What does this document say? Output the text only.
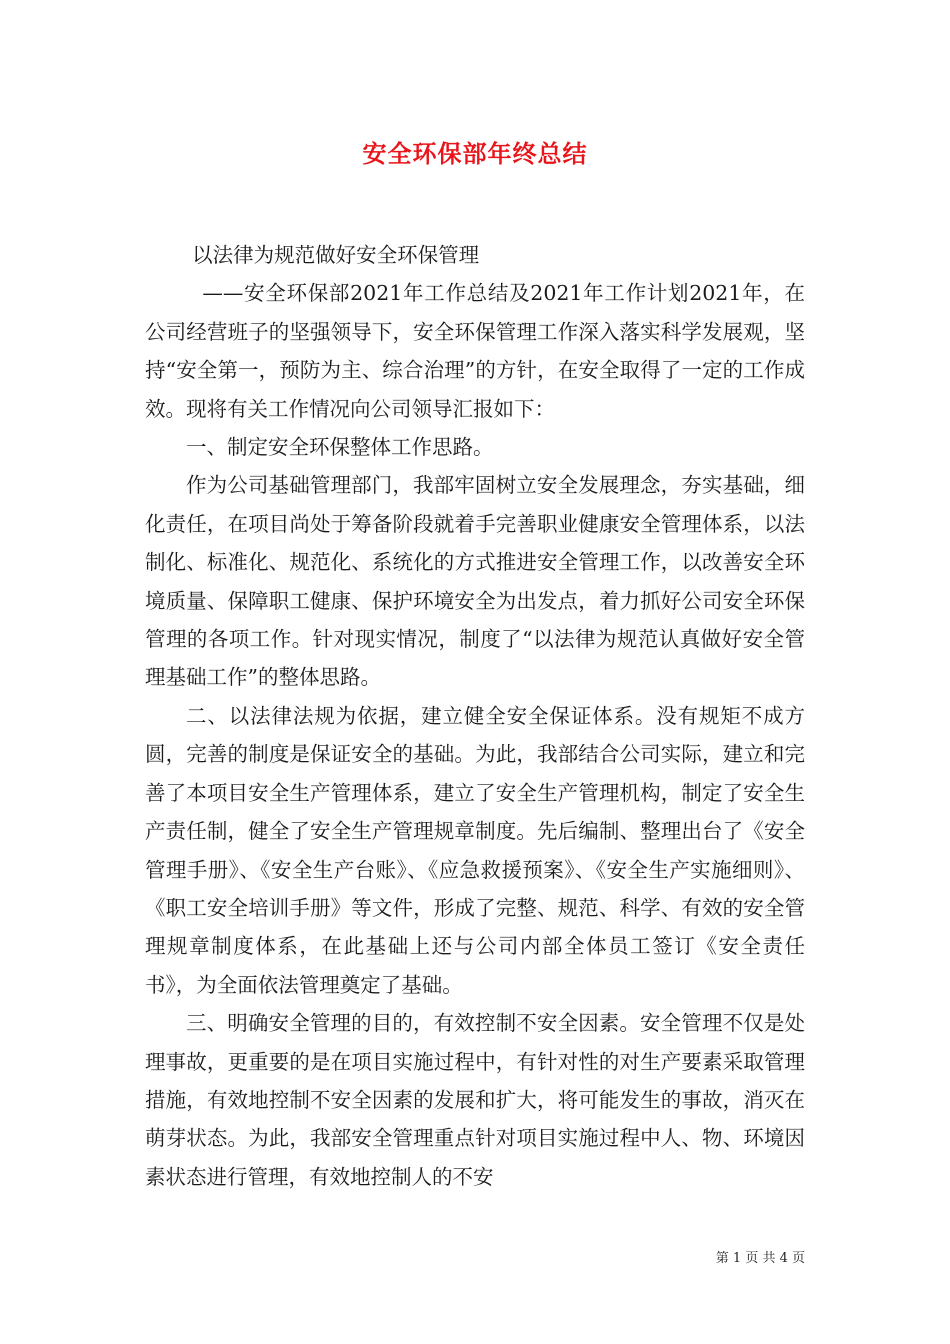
安全环保部年终总结

以法律为规范做好安全环保管理

——安全环保部2021年工作总结及2021年工作计划2021年，在公司经营班子的坚强领导下，安全环保管理工作深入落实科学发展观，坚持“安全第一，预防为主、综合治理”的方针，在安全取得了一定的工作成效。现将有关工作情况向公司领导汇报如下：

一、制定安全环保整体工作思路。

作为公司基础管理部门，我部牢固树立安全发展理念，夯实基础，细化责任，在项目尚处于筹备阶段就着手完善职业健康安全管理体系，以法制化、标准化、规范化、系统化的方式推进安全管理工作，以改善安全环境质量、保障职工健康、保护环境安全为出发点，着力抓好公司安全环保管理的各项工作。针对现实情况，制度了“以法律为规范认真做好安全管理基础工作”的整体思路。

二、以法律法规为依据，建立健全安全保证体系。没有规矩不成方圆，完善的制度是保证安全的基础。为此，我部结合公司实际，建立和完善了本项目安全生产管理体系，建立了安全生产管理机构，制定了安全生产责任制，健全了安全生产管理规章制度。先后编制、整理出台了《安全管理手册》、《安全生产台账》、《应急救援预案》、《安全生产实施细则》、《职工安全培训手册》等文件，形成了完整、规范、科学、有效的安全管理规章制度体系，在此基础上还与公司内部全体员工签订《安全责任书》，为全面依法管理奠定了基础。

三、明确安全管理的目的，有效控制不安全因素。安全管理不仅是处理事故，更重要的是在项目实施过程中，有针对性的对生产要素采取管理措施，有效地控制不安全因素的发展和扩大，将可能发生的事故，消灭在萌芽状态。为此，我部安全管理重点针对项目实施过程中人、物、环境因素状态进行管理，有效地控制人的不安

第 1 页 共 4 页
